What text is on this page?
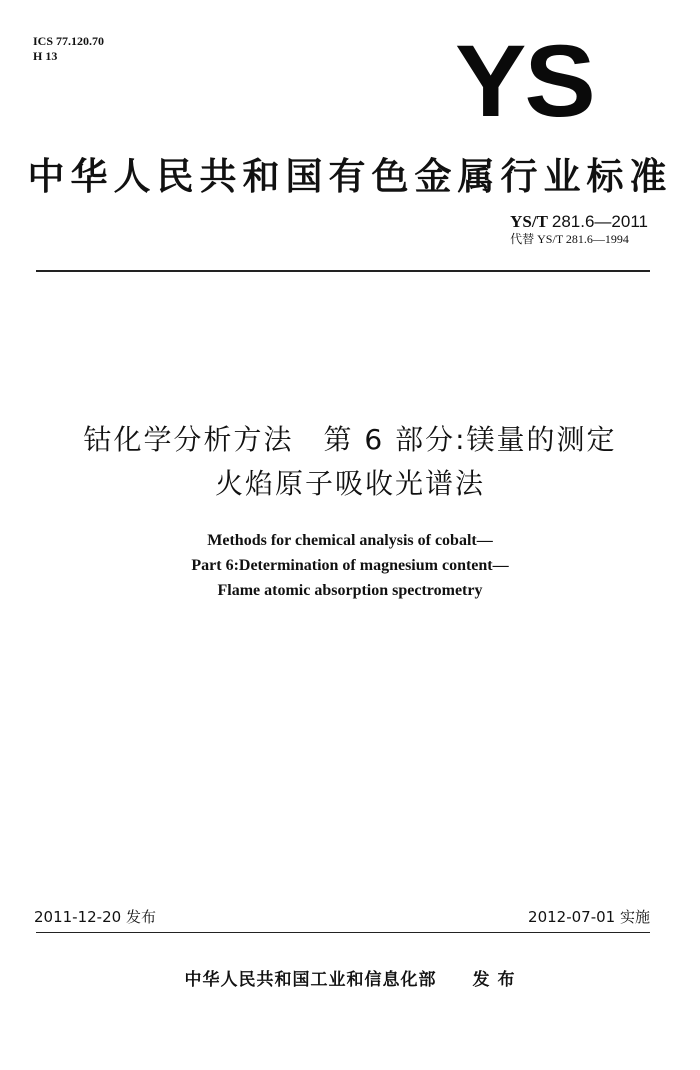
ICS 77.120.70
H 13	YS
中华人民共和国有色金属行业标准
YS/T 281.6—2011
代替 YS/T 281.6—1994
钴化学分析方法　第 6 部分:镁量的测定
火焰原子吸收光谱法
Methods for chemical analysis of cobalt—
Part 6:Determination of magnesium content—
Flame atomic absorption spectrometry
2011-12-20 发布	2012-07-01 实施
中华人民共和国工业和信息化部 发 布
